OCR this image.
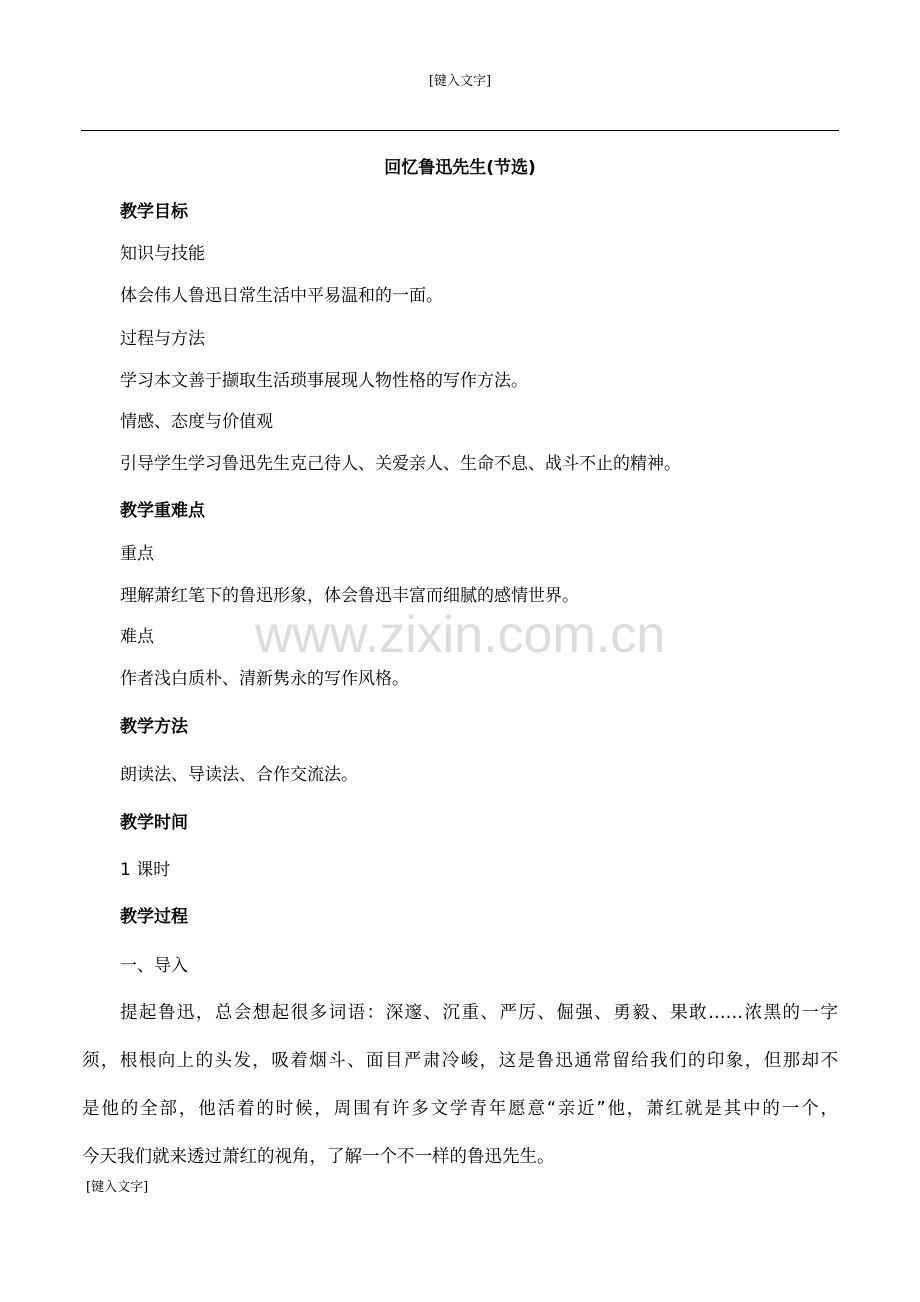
[键入文字]
www.zixin.com.cn
回忆鲁迅先生(节选)
教学目标
知识与技能
体会伟人鲁迅日常生活中平易温和的一面。
过程与方法
学习本文善于撷取生活琐事展现人物性格的写作方法。
情感、态度与价值观
引导学生学习鲁迅先生克己待人、关爱亲人、生命不息、战斗不止的精神。
教学重难点
重点
理解萧红笔下的鲁迅形象，体会鲁迅丰富而细腻的感情世界。
难点
作者浅白质朴、清新隽永的写作风格。
教学方法
朗读法、导读法、合作交流法。
教学时间
1 课时
教学过程
一、导入
提起鲁迅，总会想起很多词语：深邃、沉重、严厉、倔强、勇毅、果敢……浓黑的一字
须，根根向上的头发，吸着烟斗、面目严肃冷峻，这是鲁迅通常留给我们的印象，但那却不
是他的全部，他活着的时候，周围有许多文学青年愿意“亲近”他，萧红就是其中的一个，
今天我们就来透过萧红的视角，了解一个不一样的鲁迅先生。
[键入文字]
